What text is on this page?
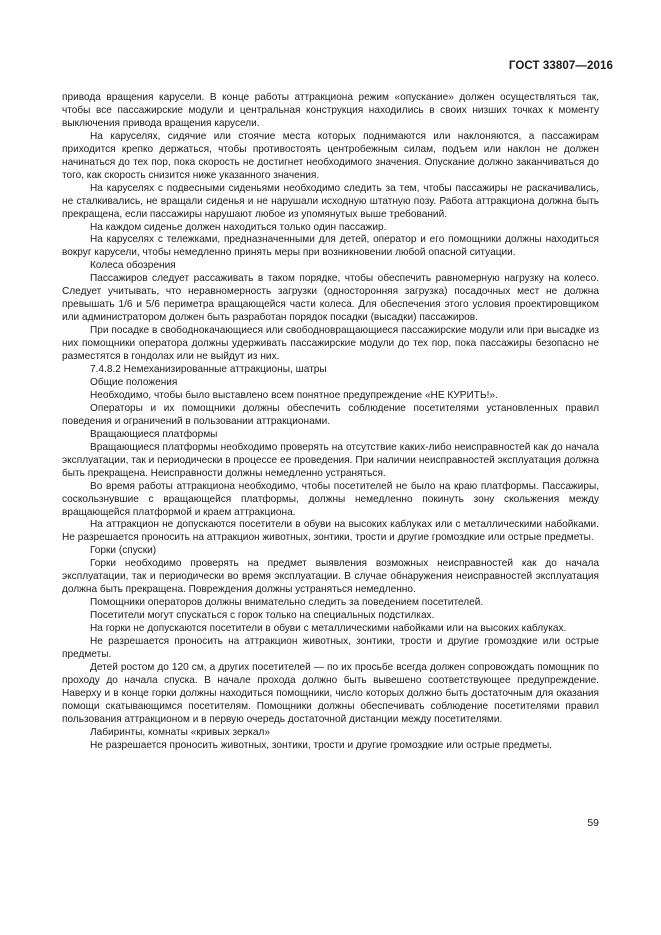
ГОСТ 33807—2016

привода вращения карусели. В конце работы аттракциона режим «опускание» должен осуществляться так, чтобы все пассажирские модули и центральная конструкция находились в своих низших точках к моменту выключения привода вращения карусели.

На каруселях, сидячие или стоячие места которых поднимаются или наклоняются, а пассажирам приходится крепко держаться, чтобы противостоять центробежным силам, подъем или наклон не должен начинаться до тех пор, пока скорость не достигнет необходимого значения. Опускание должно заканчиваться до того, как скорость снизится ниже указанного значения.

На каруселях с подвесными сиденьями необходимо следить за тем, чтобы пассажиры не раскачивались, не сталкивались, не вращали сиденья и не нарушали исходную штатную позу. Работа аттракциона должна быть прекращена, если пассажиры нарушают любое из упомянутых выше требований.

На каждом сиденье должен находиться только один пассажир.

На каруселях с тележками, предназначенными для детей, оператор и его помощники должны находиться вокруг карусели, чтобы немедленно принять меры при возникновении любой опасной ситуации.

Колеса обозрения

Пассажиров следует рассаживать в таком порядке, чтобы обеспечить равномерную нагрузку на колесо. Следует учитывать, что неравномерность загрузки (односторонняя загрузка) посадочных мест не должна превышать 1/6 и 5/6 периметра вращающейся части колеса. Для обеспечения этого условия проектировщиком или администратором должен быть разработан порядок посадки (высадки) пассажиров.

При посадке в свободнокачающиеся или свободновращающиеся пассажирские модули или при высадке из них помощники оператора должны удерживать пассажирские модули до тех пор, пока пассажиры безопасно не разместятся в гондолах или не выйдут из них.

7.4.8.2 Немеханизированные аттракционы, шатры

Общие положения

Необходимо, чтобы было выставлено всем понятное предупреждение «НЕ КУРИТЬ!».

Операторы и их помощники должны обеспечить соблюдение посетителями установленных правил поведения и ограничений в пользовании аттракционами.

Вращающиеся платформы

Вращающиеся платформы необходимо проверять на отсутствие каких-либо неисправностей как до начала эксплуатации, так и периодически в процессе ее проведения. При наличии неисправностей эксплуатация должна быть прекращена. Неисправности должны немедленно устраняться.

Во время работы аттракциона необходимо, чтобы посетителей не было на краю платформы. Пассажиры, соскользнувшие с вращающейся платформы, должны немедленно покинуть зону скольжения между вращающейся платформой и краем аттракциона.

На аттракцион не допускаются посетители в обуви на высоких каблуках или с металлическими набойками. Не разрешается проносить на аттракцион животных, зонтики, трости и другие громоздкие или острые предметы.

Горки (спуски)

Горки необходимо проверять на предмет выявления возможных неисправностей как до начала эксплуатации, так и периодически во время эксплуатации. В случае обнаружения неисправностей эксплуатация должна быть прекращена. Повреждения должны устраняться немедленно.

Помощники операторов должны внимательно следить за поведением посетителей.

Посетители могут спускаться с горок только на специальных подстилках.

На горки не допускаются посетители в обуви с металлическими набойками или на высоких каблуках.

Не разрешается проносить на аттракцион животных, зонтики, трости и другие громоздкие или острые предметы.

Детей ростом до 120 см, а других посетителей — по их просьбе всегда должен сопровождать помощник по проходу до начала спуска. В начале прохода должно быть вывешено соответствующее предупреждение. Наверху и в конце горки должны находиться помощники, число которых должно быть достаточным для оказания помощи скатывающимся посетителям. Помощники должны обеспечивать соблюдение посетителями правил пользования аттракционом и в первую очередь достаточной дистанции между посетителями.

Лабиринты, комнаты «кривых зеркал»

Не разрешается проносить животных, зонтики, трости и другие громоздкие или острые предметы.

59
